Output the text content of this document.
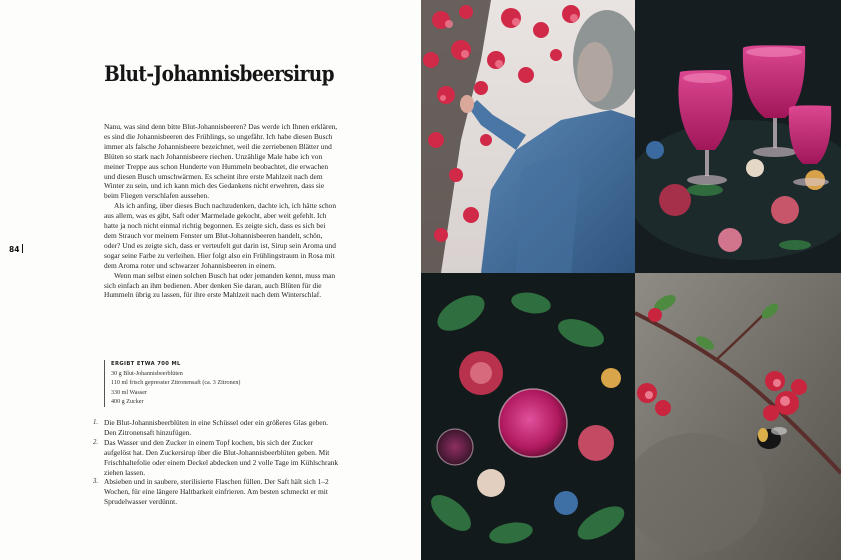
Blut-Johannisbeersirup

Nanu, was sind denn bitte Blut-Johannisbeeren? Das werde ich Ihnen erklären, es sind die Johannisbeeren des Frühlings, so ungefähr. Ich habe diesen Busch immer als falsche Johannisbeere bezeichnet, weil die zerriebenen Blätter und Blüten so stark nach Johannisbeere riechen. Unzählige Male habe ich von meiner Treppe aus schon Hunderte von Hummeln beobachtet, die erwachen und diesen Busch umschwärmen. Es scheint ihre erste Mahlzeit nach dem Winter zu sein, und ich kann mich des Gedankens nicht erwehren, dass sie beim Fliegen verschlafen aussehen.

Als ich anfing, über dieses Buch nachzudenken, dachte ich, ich hätte schon aus allem, was es gibt, Saft oder Marmelade gekocht, aber weit gefehlt. Ich hatte ja noch nicht einmal richtig begonnen. Es zeigte sich, dass es sich bei dem Strauch vor meinem Fenster um Blut-Johannisbeeren handelt, schön, oder? Und es zeigte sich, dass er verteufelt gut darin ist, Sirup sein Aroma und sogar seine Farbe zu verleihen. Hier folgt also ein Frühlingstraum in Rosa mit dem Aroma roter und schwarzer Johannisbeeren in einem.

Wenn man selbst einen solchen Busch hat oder jemanden kennt, muss man sich einfach an ihm bedienen. Aber denken Sie daran, auch Blüten für die Hummeln übrig zu lassen, für ihre erste Mahlzeit nach dem Winterschlaf.

84
ERGIBT ETWA 700 ML
30 g Blut-Johannisbeerblüten
110 ml frisch gepresster Zitronensaft (ca. 3 Zitronen)
330 ml Wasser
400 g Zucker
1. Die Blut-Johannisbeerblüten in eine Schüssel oder ein größeres Glas geben. Den Zitronensaft hinzufügen.
2. Das Wasser und den Zucker in einem Topf kochen, bis sich der Zucker aufgelöst hat. Den Zuckersirup über die Blut-Johannisbeerblüten geben. Mit Frischhaltefolie oder einem Deckel abdecken und 2 volle Tage im Kühlschrank ziehen lassen.
3. Absieben und in saubere, sterilisierte Flaschen füllen. Der Saft hält sich 1–2 Wochen, für eine längere Haltbarkeit einfrieren. Am besten schmeckt er mit Sprudelwasser verdünnt.
